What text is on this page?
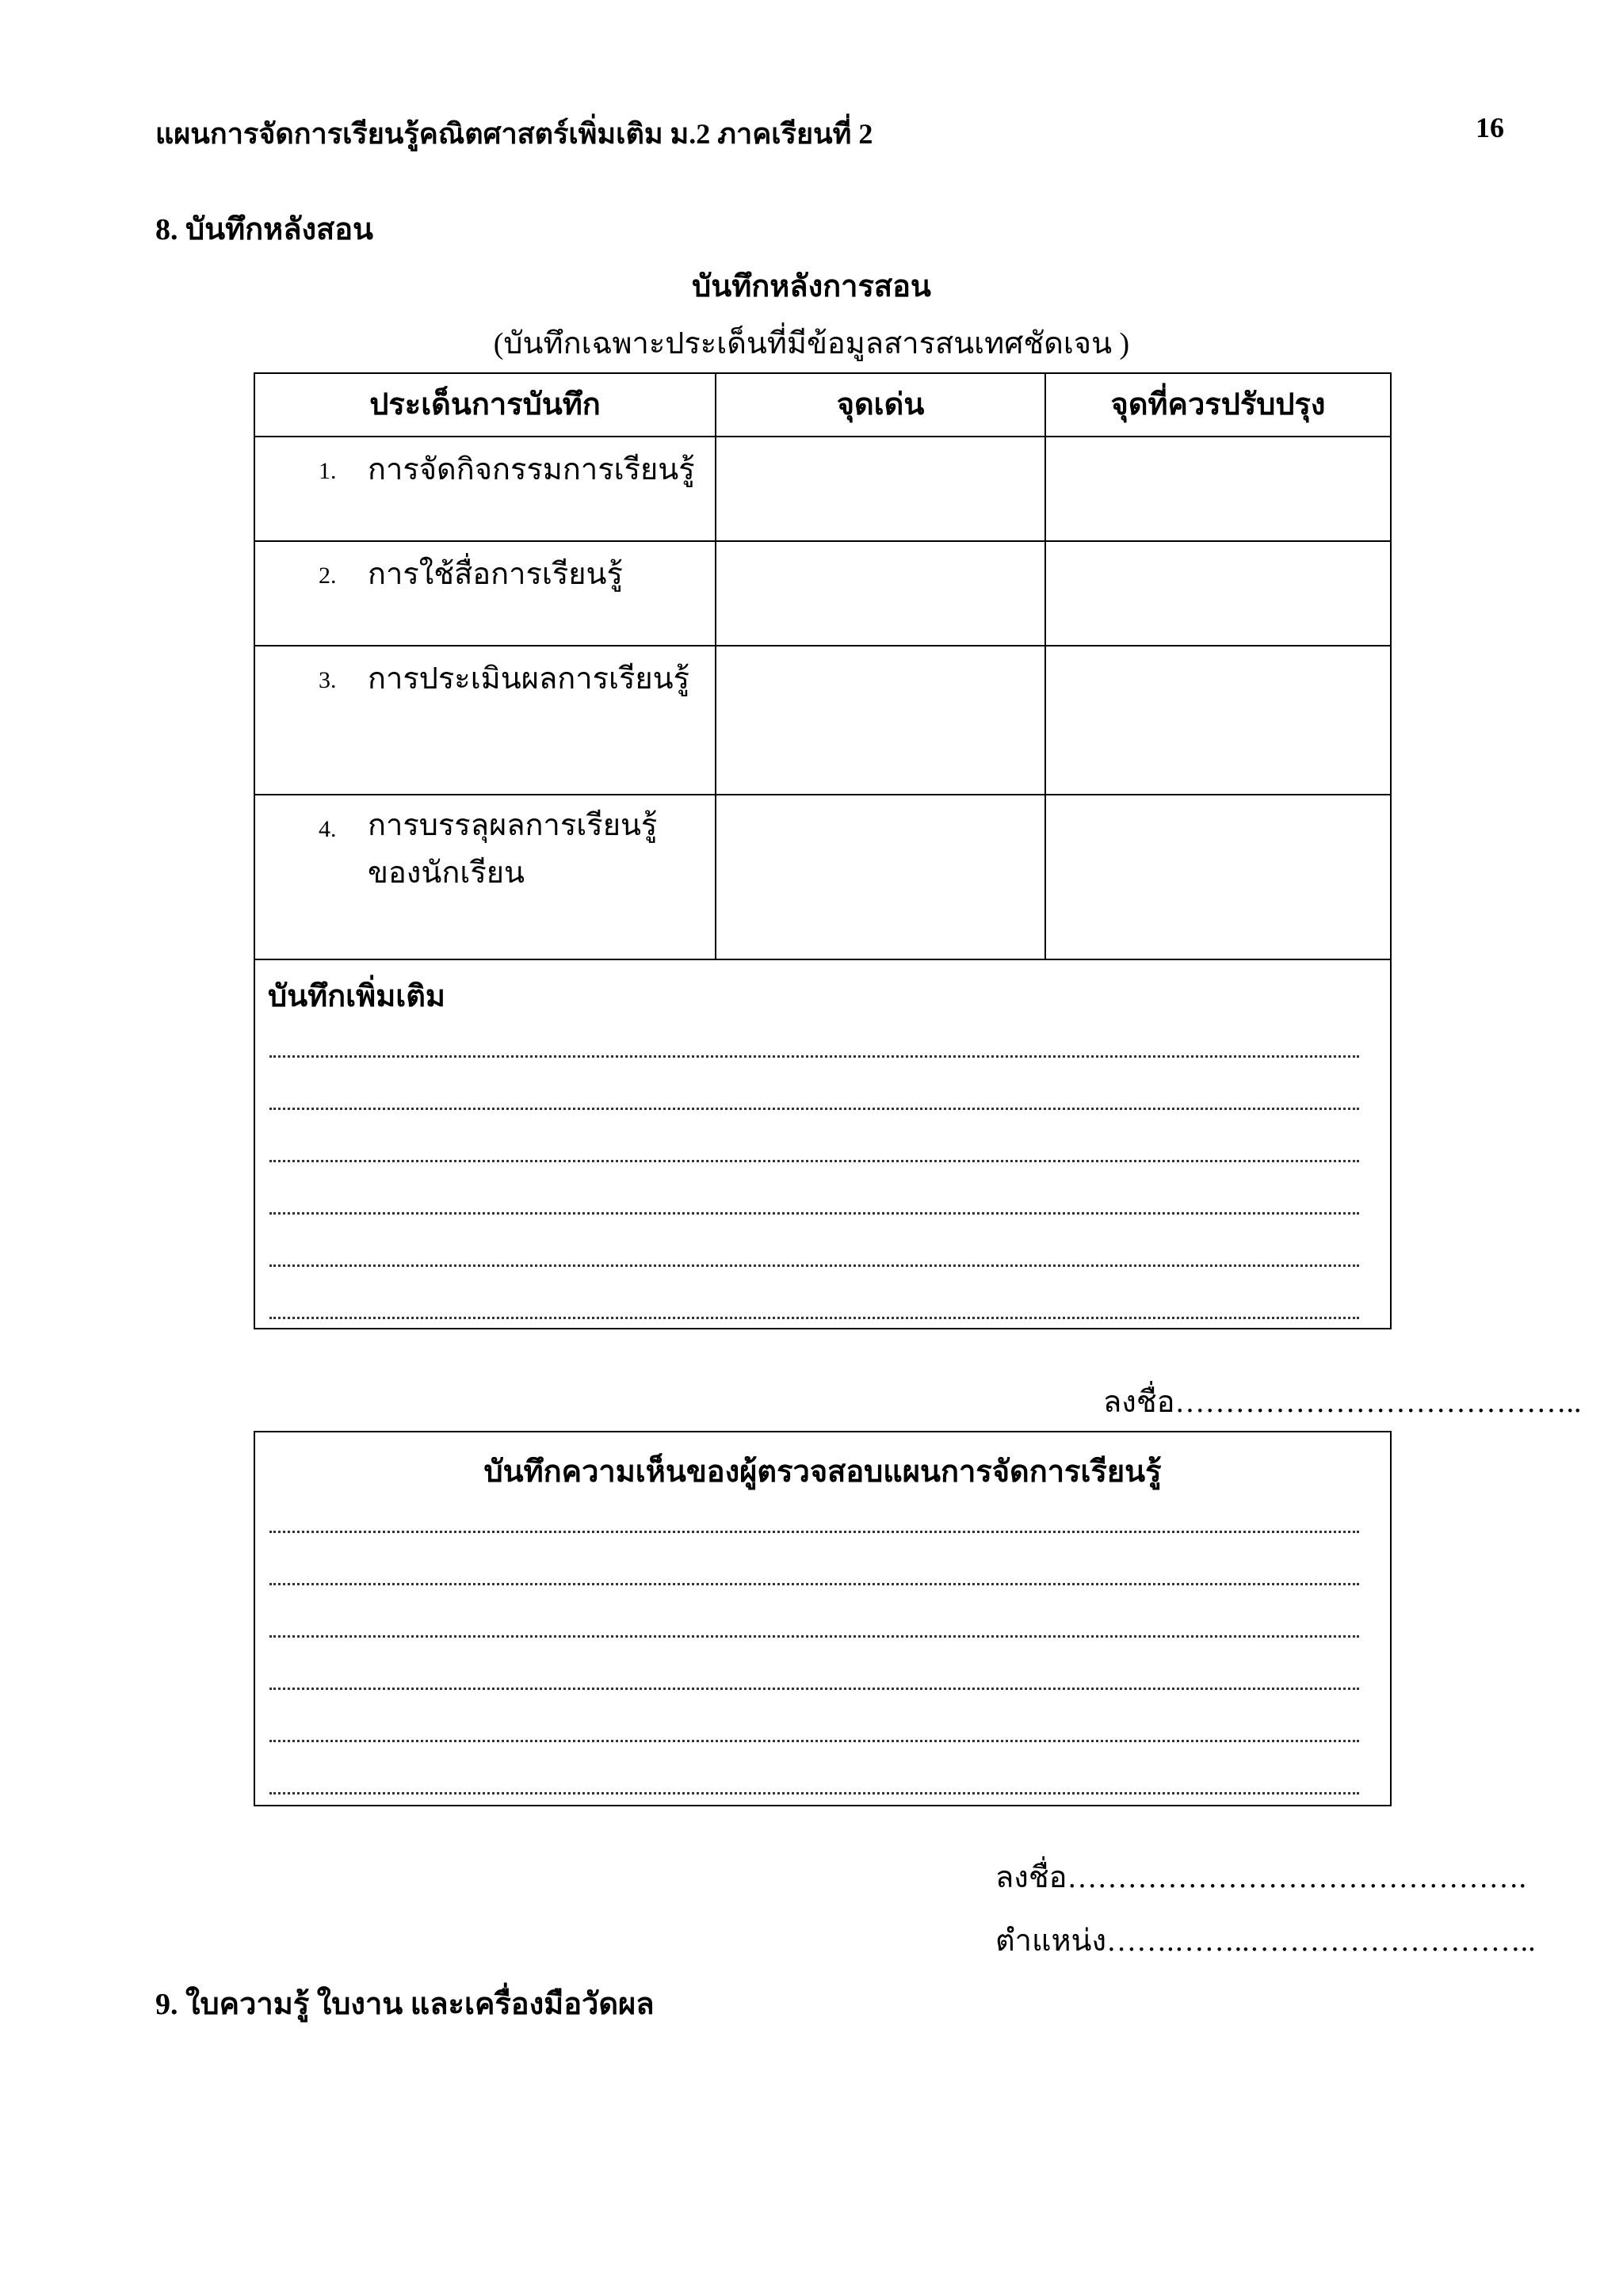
แผนการจัดการเรียนรู้คณิตศาสตร์เพิ่มเติม ม.2 ภาคเรียนที่ 2	16
8. บันทึกหลังสอน
บันทึกหลังการสอน
(บันทึกเฉพาะประเด็นที่มีข้อมูลสารสนเทศชัดเจน )
ประเด็นการบันทึก	จุดเด่น	จุดที่ควรปรับปรุง
1. การจัดกิจกรรมการเรียนรู้
2. การใช้สื่อการเรียนรู้
3. การประเมินผลการเรียนรู้
4. การบรรลุผลการเรียนรู้ของนักเรียน
บันทึกเพิ่มเติม
ลงชื่อ…………………………………..
บันทึกความเห็นของผู้ตรวจสอบแผนการจัดการเรียนรู้
ลงชื่อ……………………………………….
ตำแหน่ง…….……..………………………..
9. ใบความรู้ ใบงาน และเครื่องมือวัดผล
